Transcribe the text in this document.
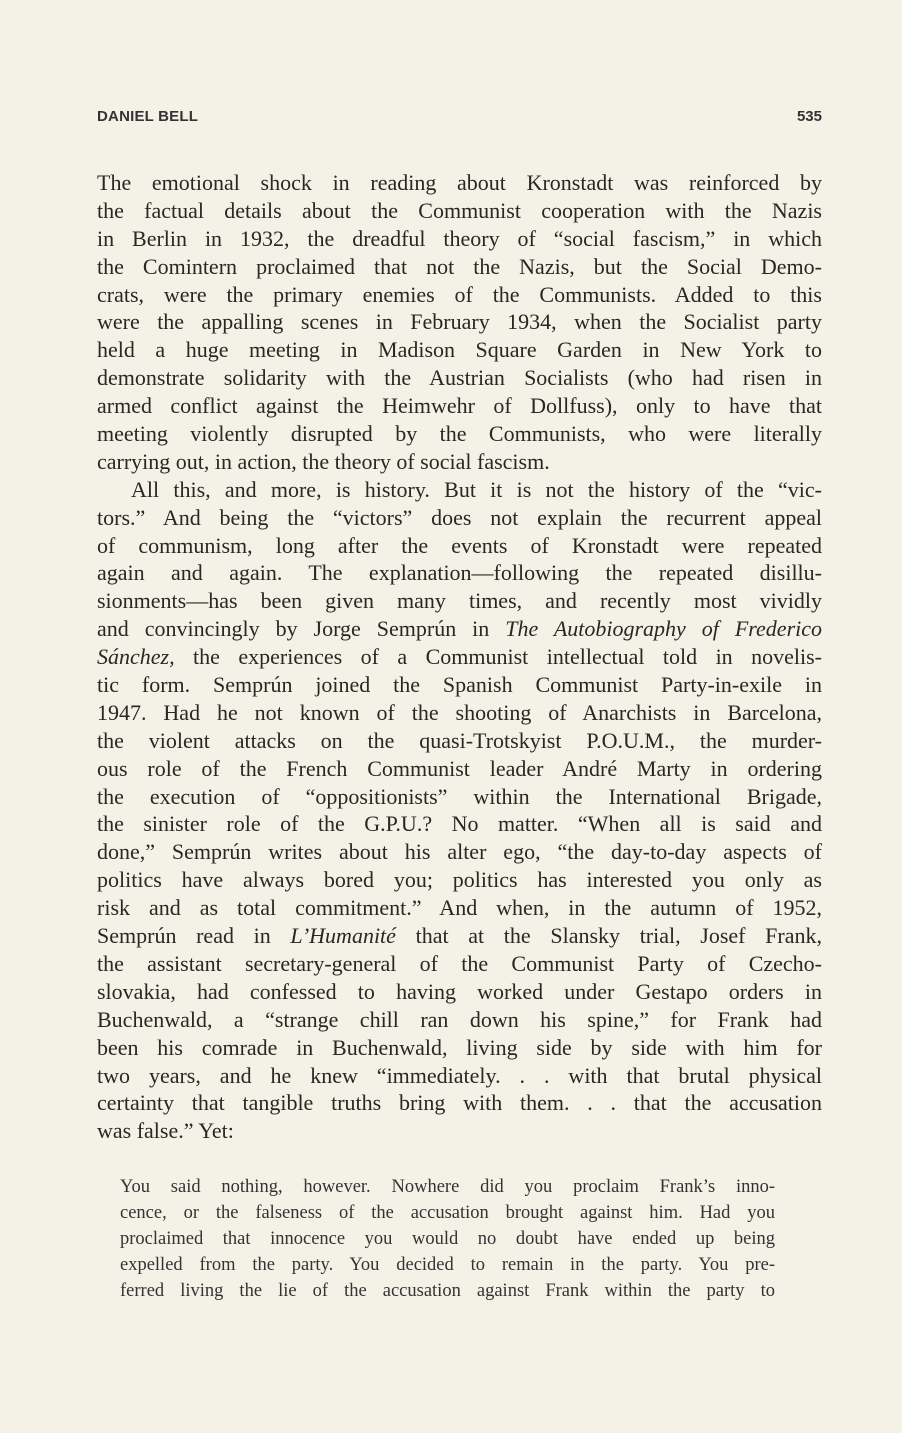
DANIEL BELL	535
The emotional shock in reading about Kronstadt was reinforced by
the factual details about the Communist cooperation with the Nazis
in Berlin in 1932, the dreadful theory of “social fascism,” in which
the Comintern proclaimed that not the Nazis, but the Social Demo-
crats, were the primary enemies of the Communists. Added to this
were the appalling scenes in February 1934, when the Socialist party
held a huge meeting in Madison Square Garden in New York to
demonstrate solidarity with the Austrian Socialists (who had risen in
armed conflict against the Heimwehr of Dollfuss), only to have that
meeting violently disrupted by the Communists, who were literally
carrying out, in action, the theory of social fascism.
All this, and more, is history. But it is not the history of the “vic-
tors.” And being the “victors” does not explain the recurrent appeal
of communism, long after the events of Kronstadt were repeated
again and again. The explanation—following the repeated disillu-
sionments—has been given many times, and recently most vividly
and convincingly by Jorge Semprún in The Autobiography of Frederico
Sánchez, the experiences of a Communist intellectual told in novelis-
tic form. Semprún joined the Spanish Communist Party-in-exile in
1947. Had he not known of the shooting of Anarchists in Barcelona,
the violent attacks on the quasi-Trotskyist P.O.U.M., the murder-
ous role of the French Communist leader André Marty in ordering
the execution of “oppositionists” within the International Brigade,
the sinister role of the G.P.U.? No matter. “When all is said and
done,” Semprún writes about his alter ego, “the day-to-day aspects of
politics have always bored you; politics has interested you only as
risk and as total commitment.” And when, in the autumn of 1952,
Semprún read in L’Humanité that at the Slansky trial, Josef Frank,
the assistant secretary-general of the Communist Party of Czecho-
slovakia, had confessed to having worked under Gestapo orders in
Buchenwald, a “strange chill ran down his spine,” for Frank had
been his comrade in Buchenwald, living side by side with him for
two years, and he knew “immediately. . . with that brutal physical
certainty that tangible truths bring with them. . . that the accusation
was false.” Yet:
You said nothing, however. Nowhere did you proclaim Frank’s inno-
cence, or the falseness of the accusation brought against him. Had you
proclaimed that innocence you would no doubt have ended up being
expelled from the party. You decided to remain in the party. You pre-
ferred living the lie of the accusation against Frank within the party to
